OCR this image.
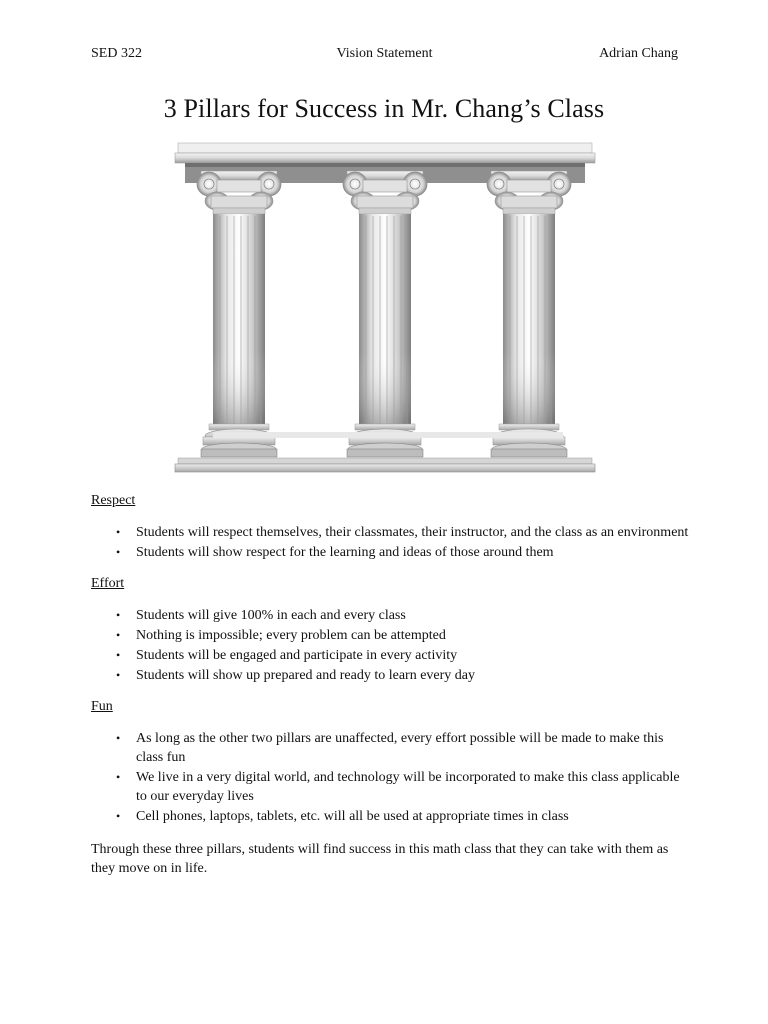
SED 322	Vision Statement	Adrian Chang
3 Pillars for Success in Mr. Chang’s Class
Respect
• Students will respect themselves, their classmates, their instructor, and the class as an environment
• Students will show respect for the learning and ideas of those around them
Effort
• Students will give 100% in each and every class
• Nothing is impossible; every problem can be attempted
• Students will be engaged and participate in every activity
• Students will show up prepared and ready to learn every day
Fun
• As long as the other two pillars are unaffected, every effort possible will be made to make this class fun
• We live in a very digital world, and technology will be incorporated to make this class applicable to our everyday lives
• Cell phones, laptops, tablets, etc. will all be used at appropriate times in class
Through these three pillars, students will find success in this math class that they can take with them as they move on in life.
